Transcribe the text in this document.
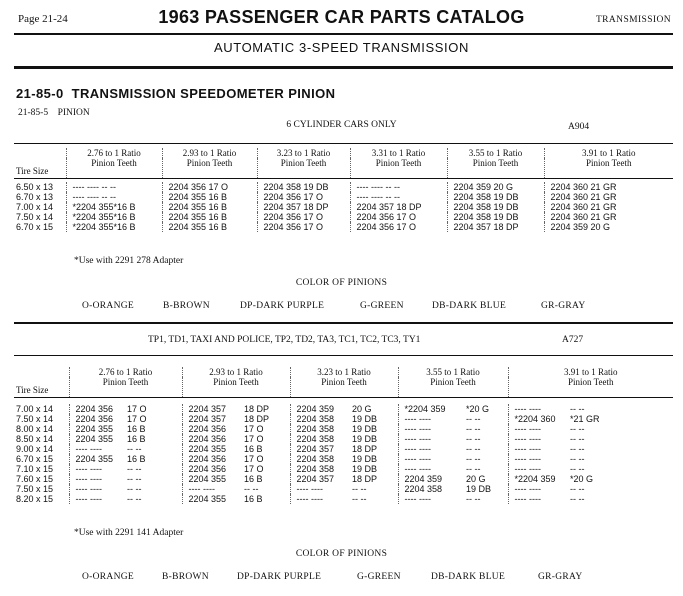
Page 21-24	1963 PASSENGER CAR PARTS CATALOG	TRANSMISSION
AUTOMATIC 3-SPEED TRANSMISSION
21-85-0 TRANSMISSION SPEEDOMETER PINION
21-85-5 PINION
6 CYLINDER CARS ONLY	A904
Tire Size	2.76 to 1 Ratio	2.93 to 1 Ratio	3.23 to 1 Ratio	3.31 to 1 Ratio	3.55 to 1 Ratio	3.91 to 1 Ratio
	Pinion Teeth	Pinion Teeth	Pinion Teeth	Pinion Teeth	Pinion Teeth	Pinion Teeth

6.50 x 13	---- ---- -- --	2204 356 17 O	2204 358 19 DB	---- ---- -- --	2204 359 20 G	2204 360 21 GR
6.70 x 13	---- ---- -- --	2204 355 16 B	2204 356 17 O	---- ---- -- --	2204 358 19 DB	2204 360 21 GR
7.00 x 14	*2204 355*16 B	2204 355 16 B	2204 357 18 DP	2204 357 18 DP	2204 358 19 DB	2204 360 21 GR
7.50 x 14	*2204 355*16 B	2204 355 16 B	2204 356 17 O	2204 356 17 O	2204 358 19 DB	2204 360 21 GR
6.70 x 15	*2204 355*16 B	2204 355 16 B	2204 356 17 O	2204 356 17 O	2204 357 18 DP	2204 359 20 G
*Use with 2291 278 Adapter
COLOR OF PINIONS
O-ORANGE	B-BROWN	DP-DARK PURPLE	G-GREEN	DB-DARK BLUE	GR-GRAY
TP1, TD1, TAXI AND POLICE, TP2, TD2, TA3, TC1, TC2, TC3, TY1	A727
Tire Size	2.76 to 1 Ratio		2.93 to 1 Ratio		3.23 to 1 Ratio		3.55 to 1 Ratio		3.91 to 1 Ratio	
	Pinion Teeth		Pinion Teeth		Pinion Teeth		Pinion Teeth		Pinion Teeth	

7.00 x 14	2204 356	17 O	2204 357	18 DP	2204 359	20 G	*2204 359	*20 G	---- ----	-- --
7.50 x 14	2204 356	17 O	2204 357	18 DP	2204 358	19 DB	---- ----	-- --	*2204 360	*21 GR
8.00 x 14	2204 355	16 B	2204 356	17 O	2204 358	19 DB	---- ----	-- --	---- ----	-- --
8.50 x 14	2204 355	16 B	2204 356	17 O	2204 358	19 DB	---- ----	-- --	---- ----	-- --
9.00 x 14	---- ----	-- --	2204 355	16 B	2204 357	18 DP	---- ----	-- --	---- ----	-- --
6.70 x 15	2204 355	16 B	2204 356	17 O	2204 358	19 DB	---- ----	-- --	---- ----	-- --
7.10 x 15	---- ----	-- --	2204 356	17 O	2204 358	19 DB	---- ----	-- --	---- ----	-- --
7.60 x 15	---- ----	-- --	2204 355	16 B	2204 357	18 DP	2204 359	20 G	*2204 359	*20 G
7.50 x 15	---- ----	-- --	---- ----	-- --	---- ----	-- --	2204 358	19 DB	---- ----	-- --
8.20 x 15	---- ----	-- --	2204 355	16 B	---- ----	-- --	---- ----	-- --	---- ----	-- --
*Use with 2291 141 Adapter
COLOR OF PINIONS
O-ORANGE	B-BROWN	DP-DARK PURPLE	G-GREEN	DB-DARK BLUE	GR-GRAY
